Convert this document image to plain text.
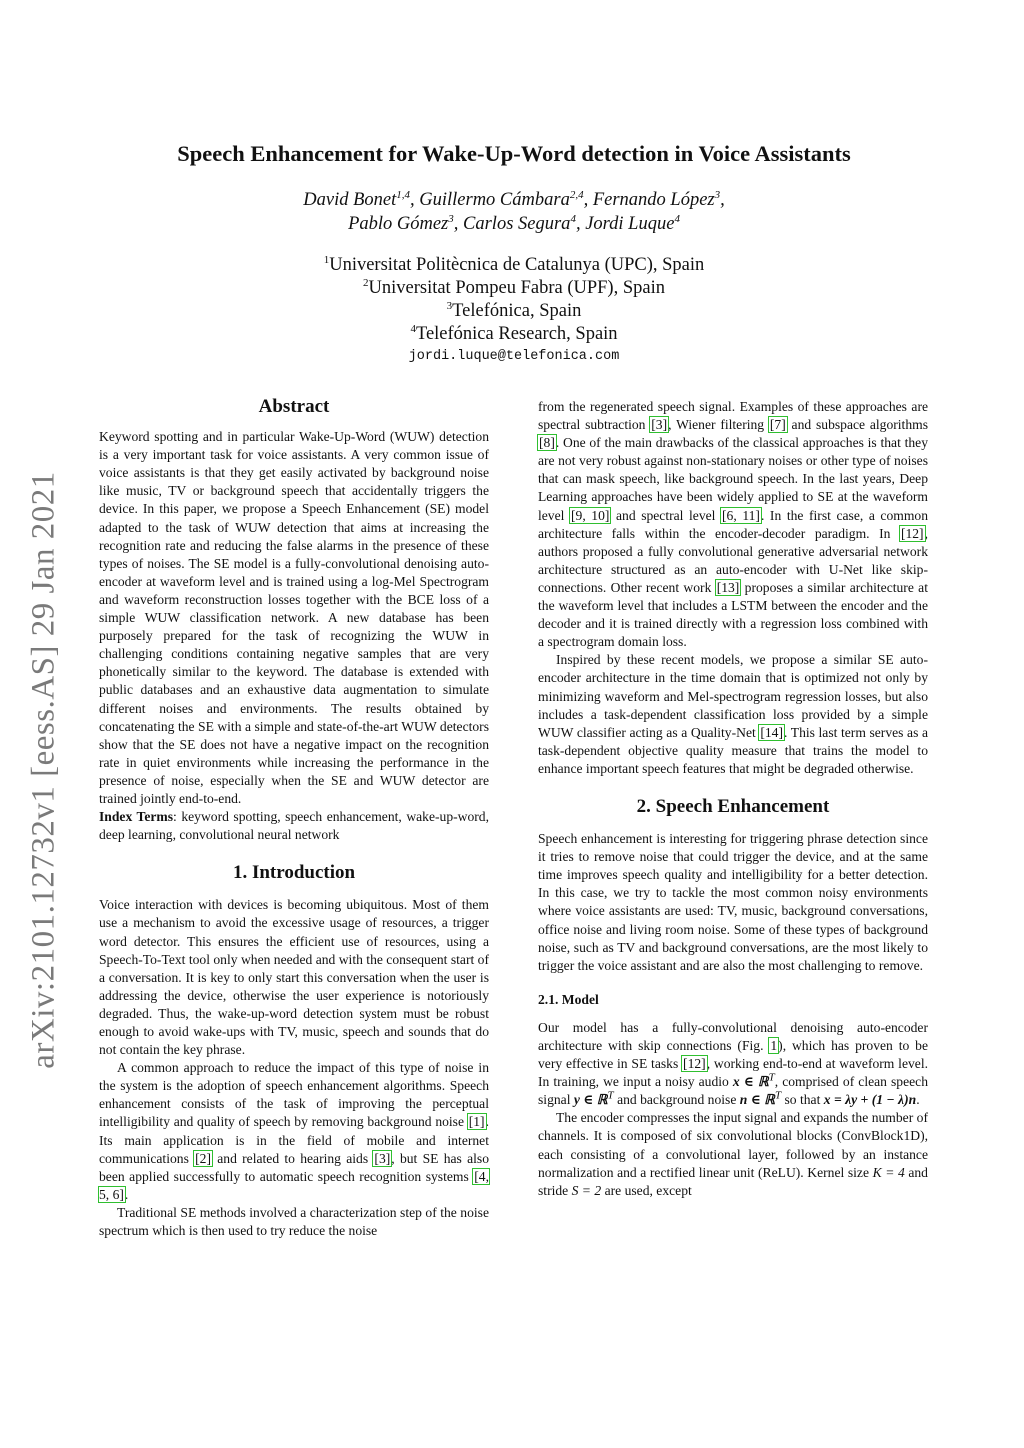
arXiv:2101.12732v1 [eess.AS] 29 Jan 2021
Speech Enhancement for Wake-Up-Word detection in Voice Assistants
David Bonet$^{1,4}$, Guillermo Cámbara$^{2,4}$, Fernando López$^3$,
Pablo Gómez$^3$, Carlos Segura$^4$, Jordi Luque$^4$
$^1$Universitat Politècnica de Catalunya (UPC), Spain
$^2$Universitat Pompeu Fabra (UPF), Spain
$^3$Telefónica, Spain
$^4$Telefónica Research, Spain
jordi.luque@telefonica.com
Abstract

Keyword spotting and in particular Wake-Up-Word (WUW) detection is a very important task for voice assistants. A very common issue of voice assistants is that they get easily activated by background noise like music, TV or background speech that accidentally triggers the device. In this paper, we propose a Speech Enhancement (SE) model adapted to the task of WUW detection that aims at increasing the recognition rate and reducing the false alarms in the presence of these types of noises. The SE model is a fully-convolutional denoising auto-encoder at waveform level and is trained using a log-Mel Spectrogram and waveform reconstruction losses together with the BCE loss of a simple WUW classification network. A new database has been purposely prepared for the task of recognizing the WUW in challenging conditions containing negative samples that are very phonetically similar to the keyword. The database is extended with public databases and an exhaustive data augmentation to simulate different noises and environments. The results obtained by concatenating the SE with a simple and state-of-the-art WUW detectors show that the SE does not have a negative impact on the recognition rate in quiet environments while increasing the performance in the presence of noise, especially when the SE and WUW detector are trained jointly end-to-end.

Index Terms: keyword spotting, speech enhancement, wake-up-word, deep learning, convolutional neural network

1. Introduction

Voice interaction with devices is becoming ubiquitous. Most of them use a mechanism to avoid the excessive usage of resources, a trigger word detector. This ensures the efficient use of resources, using a Speech-To-Text tool only when needed and with the consequent start of a conversation. It is key to only start this conversation when the user is addressing the device, otherwise the user experience is notoriously degraded. Thus, the wake-up-word detection system must be robust enough to avoid wake-ups with TV, music, speech and sounds that do not contain the key phrase.

A common approach to reduce the impact of this type of noise in the system is the adoption of speech enhancement algorithms. Speech enhancement consists of the task of improving the perceptual intelligibility and quality of speech by removing background noise [1]. Its main application is in the field of mobile and internet communications [2] and related to hearing aids [3], but SE has also been applied successfully to automatic speech recognition systems [4, 5, 6].

Traditional SE methods involved a characterization step of the noise spectrum which is then used to try reduce the noise

from the regenerated speech signal. Examples of these approaches are spectral subtraction [3], Wiener filtering [7] and subspace algorithms [8]. One of the main drawbacks of the classical approaches is that they are not very robust against non-stationary noises or other type of noises that can mask speech, like background speech. In the last years, Deep Learning approaches have been widely applied to SE at the waveform level [9, 10] and spectral level [6, 11]. In the first case, a common architecture falls within the encoder-decoder paradigm. In [12], authors proposed a fully convolutional generative adversarial network architecture structured as an auto-encoder with U-Net like skip-connections. Other recent work [13] proposes a similar architecture at the waveform level that includes a LSTM between the encoder and the decoder and it is trained directly with a regression loss combined with a spectrogram domain loss.

Inspired by these recent models, we propose a similar SE auto-encoder architecture in the time domain that is optimized not only by minimizing waveform and Mel-spectrogram regression losses, but also includes a task-dependent classification loss provided by a simple WUW classifier acting as a Quality-Net [14]. This last term serves as a task-dependent objective quality measure that trains the model to enhance important speech features that might be degraded otherwise.

2. Speech Enhancement

Speech enhancement is interesting for triggering phrase detection since it tries to remove noise that could trigger the device, and at the same time improves speech quality and intelligibility for a better detection. In this case, we try to tackle the most common noisy environments where voice assistants are used: TV, music, background conversations, office noise and living room noise. Some of these types of background noise, such as TV and background conversations, are the most likely to trigger the voice assistant and are also the most challenging to remove.

2.1. Model

Our model has a fully-convolutional denoising auto-encoder architecture with skip connections (Fig. 1), which has proven to be very effective in SE tasks [12], working end-to-end at waveform level. In training, we input a noisy audio x ∈ ℝ$^T$, comprised of clean speech signal y ∈ ℝ$^T$ and background noise n ∈ ℝ$^T$ so that x = λy + (1 − λ)n.

The encoder compresses the input signal and expands the number of channels. It is composed of six convolutional blocks (ConvBlock1D), each consisting of a convolutional layer, followed by an instance normalization and a rectified linear unit (ReLU). Kernel size K = 4 and stride S = 2 are used, except
